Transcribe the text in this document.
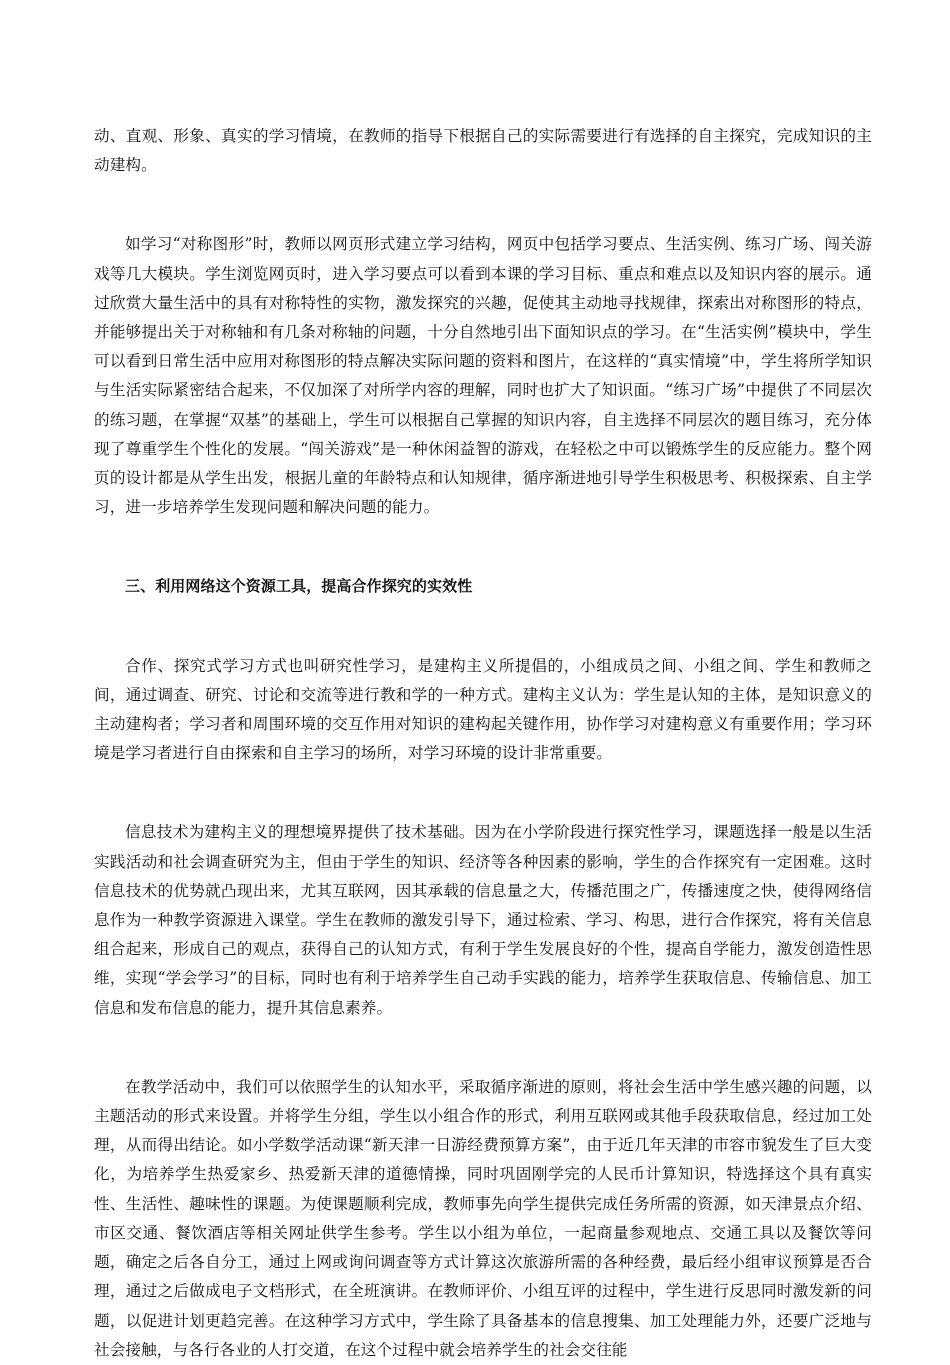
动、直观、形象、真实的学习情境，在教师的指导下根据自己的实际需要进行有选择的自主探究，完成知识的主动建构。

如学习“对称图形”时，教师以网页形式建立学习结构，网页中包括学习要点、生活实例、练习广场、闯关游戏等几大模块。学生浏览网页时，进入学习要点可以看到本课的学习目标、重点和难点以及知识内容的展示。通过欣赏大量生活中的具有对称特性的实物，激发探究的兴趣，促使其主动地寻找规律，探索出对称图形的特点，并能够提出关于对称轴和有几条对称轴的问题，十分自然地引出下面知识点的学习。在“生活实例”模块中，学生可以看到日常生活中应用对称图形的特点解决实际问题的资料和图片，在这样的“真实情境”中，学生将所学知识与生活实际紧密结合起来，不仅加深了对所学内容的理解，同时也扩大了知识面。“练习广场”中提供了不同层次的练习题，在掌握“双基”的基础上，学生可以根据自己掌握的知识内容，自主选择不同层次的题目练习，充分体现了尊重学生个性化的发展。“闯关游戏”是一种休闲益智的游戏，在轻松之中可以锻炼学生的反应能力。整个网页的设计都是从学生出发，根据儿童的年龄特点和认知规律，循序渐进地引导学生积极思考、积极探索、自主学习，进一步培养学生发现问题和解决问题的能力。

三、利用网络这个资源工具，提高合作探究的实效性

合作、探究式学习方式也叫研究性学习，是建构主义所提倡的，小组成员之间、小组之间、学生和教师之间，通过调查、研究、讨论和交流等进行教和学的一种方式。建构主义认为：学生是认知的主体，是知识意义的主动建构者；学习者和周围环境的交互作用对知识的建构起关键作用，协作学习对建构意义有重要作用；学习环境是学习者进行自由探索和自主学习的场所，对学习环境的设计非常重要。

信息技术为建构主义的理想境界提供了技术基础。因为在小学阶段进行探究性学习，课题选择一般是以生活实践活动和社会调查研究为主，但由于学生的知识、经济等各种因素的影响，学生的合作探究有一定困难。这时信息技术的优势就凸现出来，尤其互联网，因其承载的信息量之大，传播范围之广，传播速度之快，使得网络信息作为一种教学资源进入课堂。学生在教师的激发引导下，通过检索、学习、构思，进行合作探究，将有关信息组合起来，形成自己的观点，获得自己的认知方式，有利于学生发展良好的个性，提高自学能力，激发创造性思维，实现“学会学习”的目标，同时也有利于培养学生自己动手实践的能力，培养学生获取信息、传输信息、加工信息和发布信息的能力，提升其信息素养。

在教学活动中，我们可以依照学生的认知水平，采取循序渐进的原则，将社会生活中学生感兴趣的问题，以主题活动的形式来设置。并将学生分组，学生以小组合作的形式，利用互联网或其他手段获取信息，经过加工处理，从而得出结论。如小学数学活动课“新天津一日游经费预算方案”，由于近几年天津的市容市貌发生了巨大变化，为培养学生热爱家乡、热爱新天津的道德情操，同时巩固刚学完的人民币计算知识，特选择这个具有真实性、生活性、趣味性的课题。为使课题顺利完成，教师事先向学生提供完成任务所需的资源，如天津景点介绍、市区交通、餐饮酒店等相关网址供学生参考。学生以小组为单位，一起商量参观地点、交通工具以及餐饮等问题，确定之后各自分工，通过上网或询问调查等方式计算这次旅游所需的各种经费，最后经小组审议预算是否合理，通过之后做成电子文档形式，在全班演讲。在教师评价、小组互评的过程中，学生进行反思同时激发新的问题，以促进计划更趋完善。在这种学习方式中，学生除了具备基本的信息搜集、加工处理能力外，还要广泛地与社会接触，与各行各业的人打交道，在这个过程中就会培养学生的社会交往能
